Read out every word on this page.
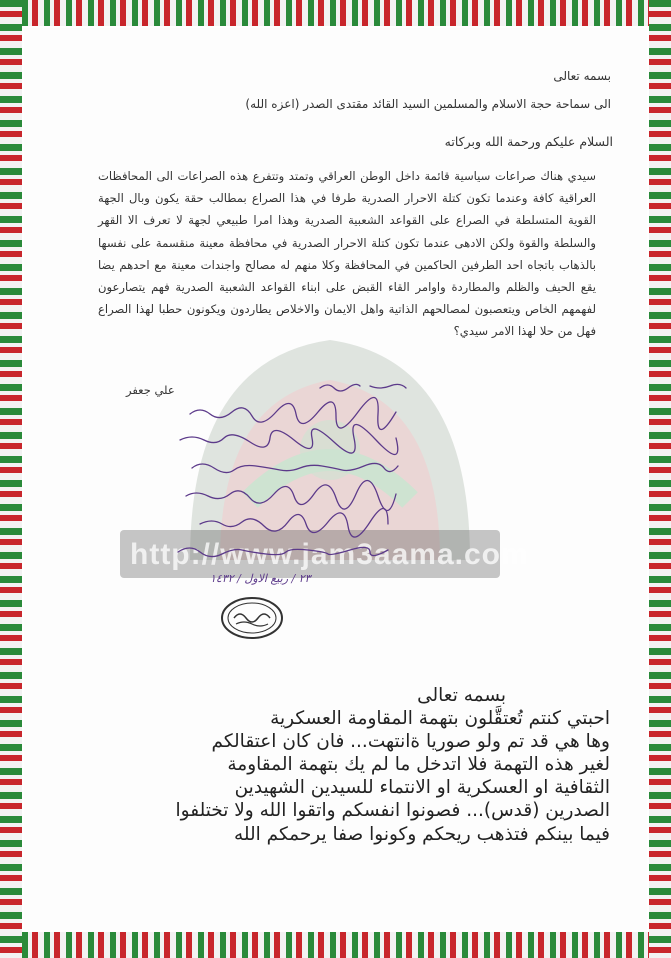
http://www.jam3aama.com
بسمه تعالى
الى سماحة حجة الاسلام والمسلمين السيد القائد مقتدى الصدر (اعزه الله)
السلام عليكم ورحمة الله وبركاته
سيدي هناك صراعات سياسية قائمة داخل الوطن العراقي وتمتد وتتفرع هذه الصراعات الى المحافظات العراقية كافة وعندما تكون كتلة الاحرار الصدرية طرفا في هذا الصراع بمطالب حقة يكون وبال الجهة القوية المتسلطة في الصراع على القواعد الشعبية الصدرية وهذا امرا طبيعي لجهة لا تعرف الا القهر والسلطة والقوة ولكن الادهى عندما تكون كتلة الاحرار الصدرية في محافظة معينة منقسمة على نفسها بالذهاب باتجاه احد الطرفين الحاكمين في المحافظة وكلا منهم له مصالح واجندات معينة مع احدهم يضا يقع الحيف والظلم والمطاردة واوامر القاء القبض على ابناء القواعد الشعبية الصدرية فهم يتصارعون لفهمهم الخاص ويتعصبون لمصالحهم الذاتية واهل الايمان والاخلاص يطاردون ويكونون حطبا لهذا الصراع فهل من حلا لهذا الامر سيدي؟
علي جعفر
٢٣ / ربيع الاول / ١٤٣٢
بسمه تعالى
احبتي كنتم تُعتقَّلون بتهمة المقاومة العسكرية
وها هي قد تم ولو صوريا ةانتهت... فان كان اعتقالكم
لغير هذه التهمة فلا اتدخل ما لم يك بتهمة المقاومة
الثقافية او العسكرية او الانتماء للسيدين الشهيدين
الصدرين (قدس)... فصونوا انفسكم واتقوا الله ولا تختلفوا
فيما بينكم فتذهب ريحكم وكونوا صفا يرحمكم الله
